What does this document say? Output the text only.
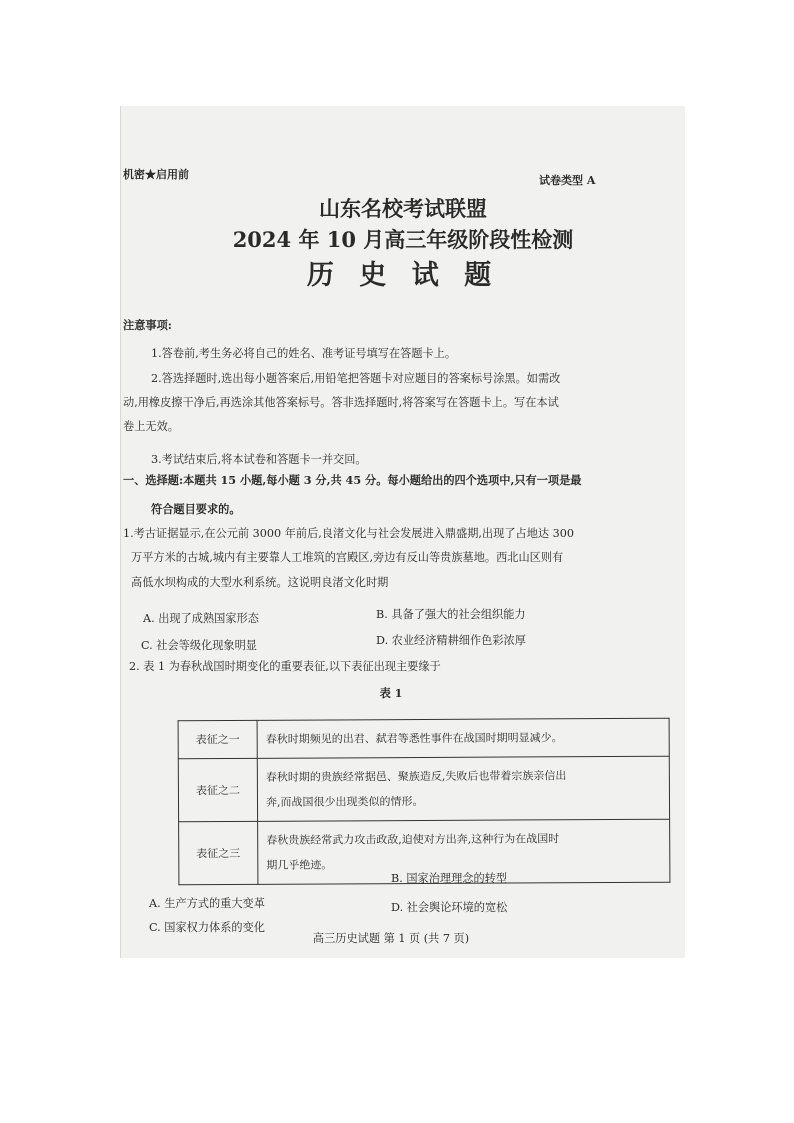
机密★启用前	试卷类型 A
山东名校考试联盟
2024 年 10 月高三年级阶段性检测
历 史 试 题
注意事项:
1.答卷前,考生务必将自己的姓名、准考证号填写在答题卡上。
2.答选择题时,选出每小题答案后,用铅笔把答题卡对应题目的答案标号涂黑。如需改
动,用橡皮擦干净后,再选涂其他答案标号。答非选择题时,将答案写在答题卡上。写在本试
卷上无效。
3.考试结束后,将本试卷和答题卡一并交回。
一、选择题:本题共 15 小题,每小题 3 分,共 45 分。每小题给出的四个选项中,只有一项是最
符合题目要求的。
1.考古证据显示,在公元前 3000 年前后,良渚文化与社会发展进入鼎盛期,出现了占地达 300
万平方米的古城,城内有主要靠人工堆筑的宫殿区,旁边有反山等贵族墓地。西北山区则有
高低水坝构成的大型水利系统。这说明良渚文化时期
A. 出现了成熟国家形态	B. 具备了强大的社会组织能力
C. 社会等级化现象明显	D. 农业经济精耕细作色彩浓厚
2. 表 1 为春秋战国时期变化的重要表征,以下表征出现主要缘于
表 1
表征之一	春秋时期频见的出君、弑君等悉性事件在战国时期明显减少。
表征之二	春秋时期的贵族经常据邑、聚族造反,失败后也带着宗族亲信出
奔,而战国很少出现类似的情形。

表征之三	春秋贵族经常武力攻击政敌,迫使对方出奔,这种行为在战国时
期几乎绝迹。
B. 国家治理理念的转型
A. 生产方式的重大变革	D. 社会舆论环境的宽松
C. 国家权力体系的变化
高三历史试题 第 1 页 (共 7 页)
